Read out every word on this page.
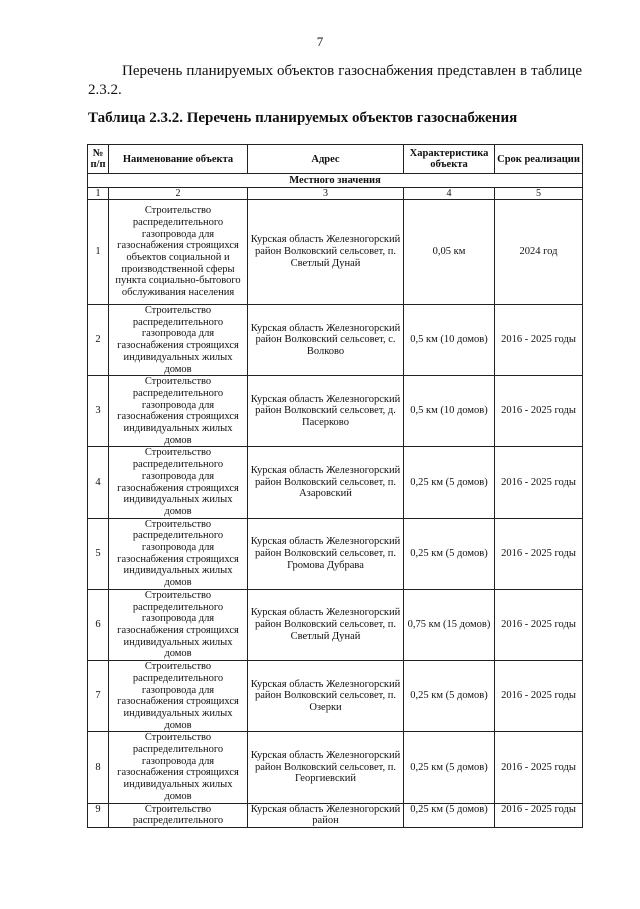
7

Перечень планируемых объектов газоснабжения представлен в таблице 2.3.2.

Таблица 2.3.2. Перечень планируемых объектов газоснабжения
№ п/п	Наименование объекта	Адрес	Характеристика объекта	Срок реализации
Местного значения				
1	2	3	4	5
1	Строительство распределительного газопровода для газоснабжения строящихся объектов социальной и производственной сферы пункта социально-бытового обслуживания населения	Курская область Железногорский район Волковский сельсовет, п. Светлый Дунай	0,05 км	2024 год
2	Строительство распределительного газопровода для газоснабжения строящихся индивидуальных жилых домов	Курская область Железногорский район Волковский сельсовет, с. Волково	0,5 км (10 домов)	2016 - 2025 годы
3	Строительство распределительного газопровода для газоснабжения строящихся индивидуальных жилых домов	Курская область Железногорский район Волковский сельсовет, д. Пасерково	0,5 км (10 домов)	2016 - 2025 годы
4	Строительство распределительного газопровода для газоснабжения строящихся индивидуальных жилых домов	Курская область Железногорский район Волковский сельсовет, п. Азаровский	0,25 км (5 домов)	2016 - 2025 годы
5	Строительство распределительного газопровода для газоснабжения строящихся индивидуальных жилых домов	Курская область Железногорский район Волковский сельсовет, п. Громова Дубрава	0,25 км (5 домов)	2016 - 2025 годы
6	Строительство распределительного газопровода для газоснабжения строящихся индивидуальных жилых домов	Курская область Железногорский район Волковский сельсовет, п. Светлый Дунай	0,75 км (15 домов)	2016 - 2025 годы
7	Строительство распределительного газопровода для газоснабжения строящихся индивидуальных жилых домов	Курская область Железногорский район Волковский сельсовет, п. Озерки	0,25 км (5 домов)	2016 - 2025 годы
8	Строительство распределительного газопровода для газоснабжения строящихся индивидуальных жилых домов	Курская область Железногорский район Волковский сельсовет, п. Георгиевский	0,25 км (5 домов)	2016 - 2025 годы
9	Строительство распределительного	Курская область Железногорский район	0,25 км (5 домов)	2016 - 2025 годы
